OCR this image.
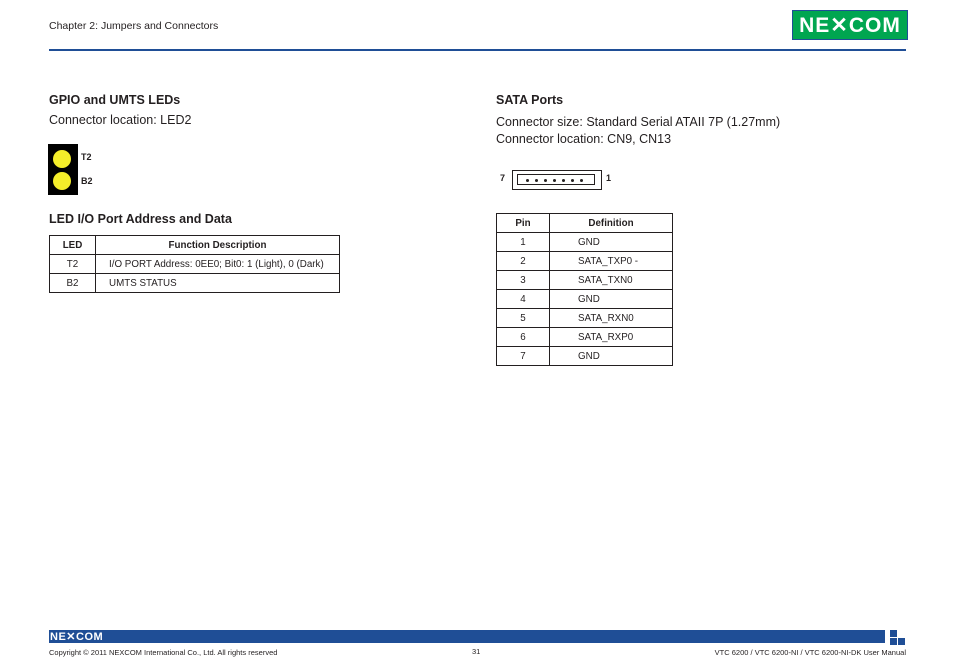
Chapter 2: Jumpers and Connectors	NE✕COM
GPIO and UMTS LEDs
Connector location: LED2
T2
B2
LED I/O Port Address and Data
LED	Function Description
T2	I/O PORT Address: 0EE0; Bit0: 1 (Light), 0 (Dark)
B2	UMTS STATUS
SATA Ports
Connector size: Standard Serial ATAII 7P (1.27mm)
Connector location: CN9, CN13
7	1
Pin	Definition
1	GND
2	SATA_TXP0 -
3	SATA_TXN0
4	GND
5	SATA_RXN0
6	SATA_RXP0
7	GND
NE✕COM
Copyright © 2011 NEXCOM International Co., Ltd. All rights reserved	31	VTC 6200 / VTC 6200-NI / VTC 6200-NI-DK User Manual
